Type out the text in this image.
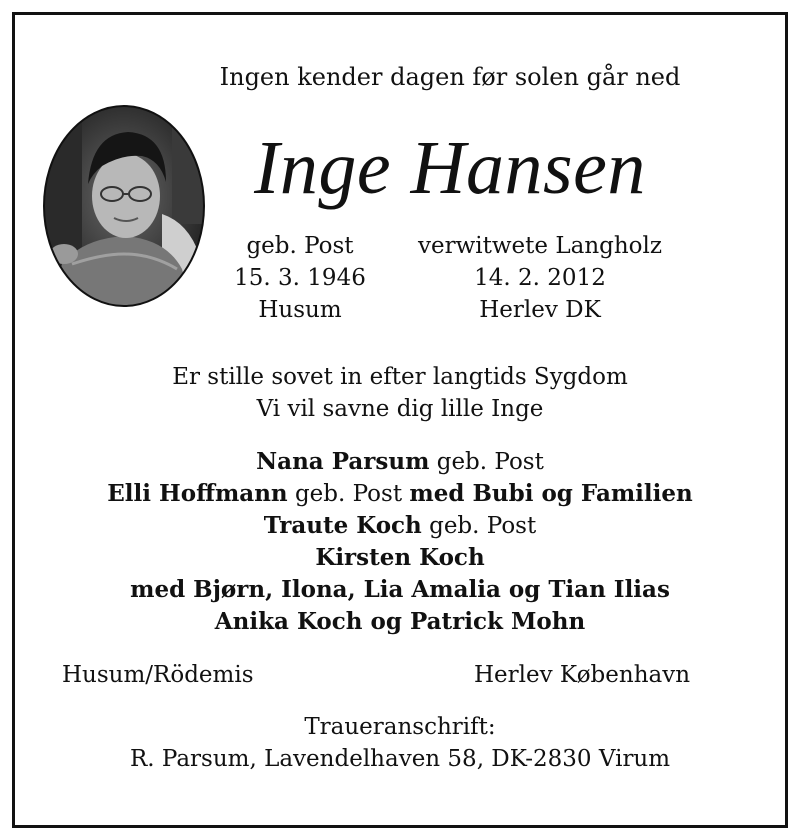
Ingen kender dagen før solen går ned
Inge Hansen
geb. Post
15. 3. 1946
Husum
verwitwete Langholz
14. 2. 2012
Herlev DK
Er stille sovet in efter langtids Sygdom
Vi vil savne dig lille Inge
Nana Parsum geb. Post
Elli Hoffmann geb. Post med Bubi og Familien
Traute Koch geb. Post
Kirsten Koch
med Bjørn, Ilona, Lia Amalia og Tian Ilias
Anika Koch og Patrick Mohn
Husum/Rödemis	Herlev København
Traueranschrift:
R. Parsum, Lavendelhaven 58, DK-2830 Virum
